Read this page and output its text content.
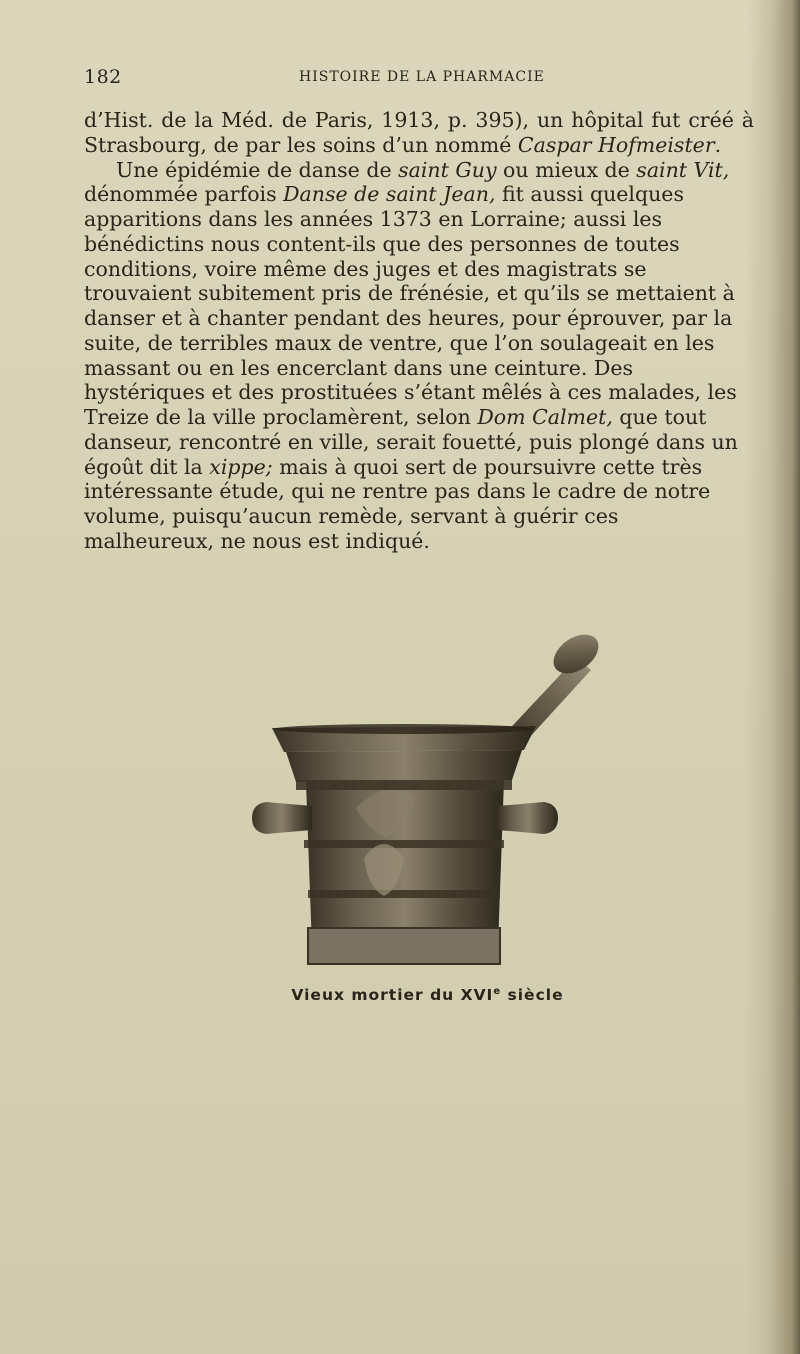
182	HISTOIRE DE LA PHARMACIE

d’Hist. de la Méd. de Paris, 1913, p. 395), un hôpital fut créé à Strasbourg, de par les soins d’un nommé Caspar Hofmeister.

Une épidémie de danse de saint Guy ou mieux de saint Vit, dénommée parfois Danse de saint Jean, fit aussi quelques apparitions dans les années 1373 en Lorraine; aussi les bénédictins nous content-ils que des personnes de toutes conditions, voire même des juges et des magistrats se trouvaient subitement pris de frénésie, et qu’ils se mettaient à danser et à chanter pendant des heures, pour éprouver, par la suite, de terribles maux de ventre, que l’on soulageait en les massant ou en les encerclant dans une ceinture. Des hystériques et des prostituées s’étant mêlés à ces malades, les Treize de la ville proclamèrent, selon Dom Calmet, que tout danseur, rencontré en ville, serait fouetté, puis plongé dans un égoût dit la xippe; mais à quoi sert de poursuivre cette très intéressante étude, qui ne rentre pas dans le cadre de notre volume, puisqu’aucun remède, servant à guérir ces malheureux, ne nous est indiqué.

Vieux mortier du XVIe siècle
